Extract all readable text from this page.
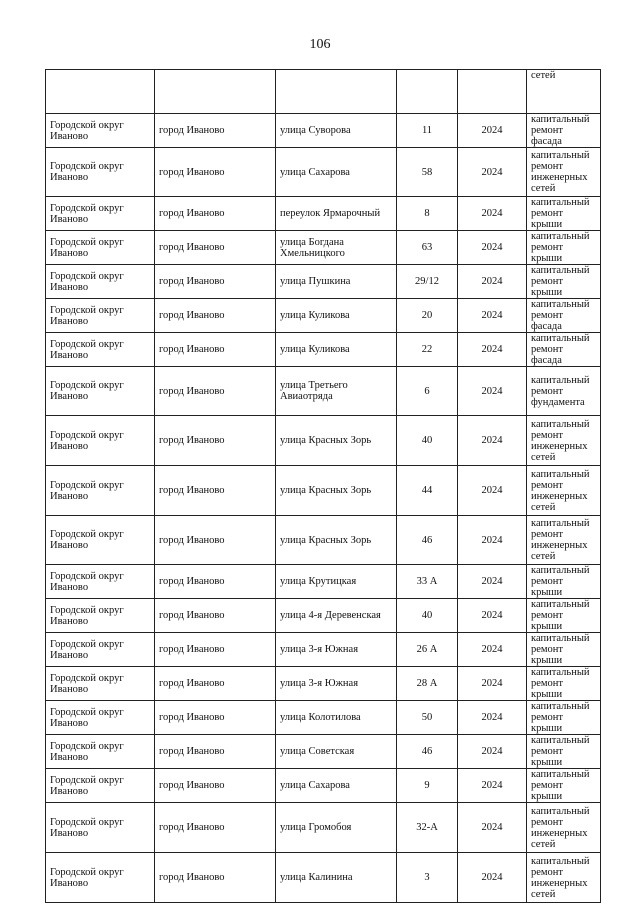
106
					сетей
Городской округ Иваново	город Иваново	улица Суворова	11	2024	капитальный ремонт фасада
Городской округ Иваново	город Иваново	улица Сахарова	58	2024	капитальный ремонт инженерных сетей
Городской округ Иваново	город Иваново	переулок Ярмарочный	8	2024	капитальный ремонт крыши
Городской округ Иваново	город Иваново	улица Богдана Хмельницкого	63	2024	капитальный ремонт крыши
Городской округ Иваново	город Иваново	улица Пушкина	29/12	2024	капитальный ремонт крыши
Городской округ Иваново	город Иваново	улица Куликова	20	2024	капитальный ремонт фасада
Городской округ Иваново	город Иваново	улица Куликова	22	2024	капитальный ремонт фасада
Городской округ Иваново	город Иваново	улица Третьего Авиаотряда	6	2024	капитальный ремонт фундамента
Городской округ Иваново	город Иваново	улица Красных Зорь	40	2024	капитальный ремонт инженерных сетей
Городской округ Иваново	город Иваново	улица Красных Зорь	44	2024	капитальный ремонт инженерных сетей
Городской округ Иваново	город Иваново	улица Красных Зорь	46	2024	капитальный ремонт инженерных сетей
Городской округ Иваново	город Иваново	улица Крутицкая	33 А	2024	капитальный ремонт крыши
Городской округ Иваново	город Иваново	улица 4-я Деревенская	40	2024	капитальный ремонт крыши
Городской округ Иваново	город Иваново	улица 3-я Южная	26 А	2024	капитальный ремонт крыши
Городской округ Иваново	город Иваново	улица 3-я Южная	28 А	2024	капитальный ремонт крыши
Городской округ Иваново	город Иваново	улица Колотилова	50	2024	капитальный ремонт крыши
Городской округ Иваново	город Иваново	улица Советская	46	2024	капитальный ремонт крыши
Городской округ Иваново	город Иваново	улица Сахарова	9	2024	капитальный ремонт крыши
Городской округ Иваново	город Иваново	улица Громобоя	32-А	2024	капитальный ремонт инженерных сетей
Городской округ Иваново	город Иваново	улица Калинина	3	2024	капитальный ремонт инженерных сетей
